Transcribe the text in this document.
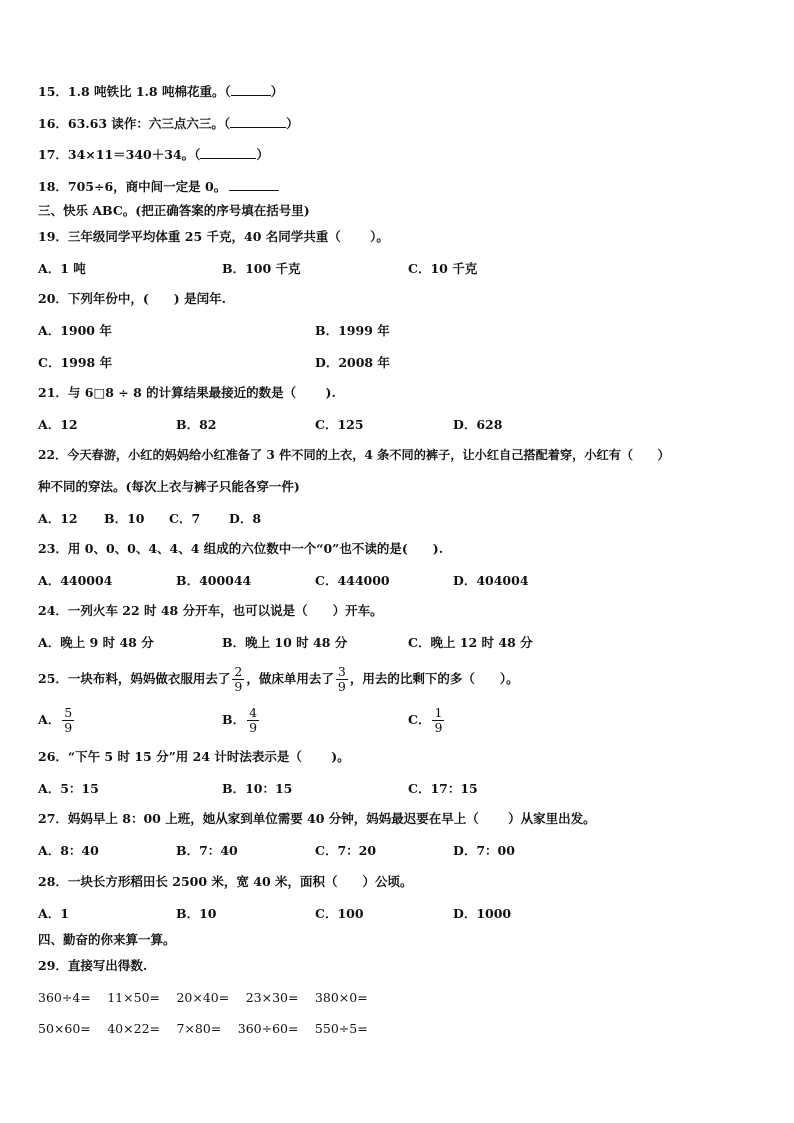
15．1.8 吨铁比 1.8 吨棉花重。（	）
16．63.63 读作：六三点六三。（	）
17．34×11＝340＋34。（	）
18．705÷6，商中间一定是 0。
三、快乐 ABC。(把正确答案的序号填在括号里)
19．三年级同学平均体重 25 千克，40 名同学共重（　　 ）。
A．1 吨	B．100 千克	C．10 千克
20．下列年份中，(　　) 是闰年.
A．1900 年	B．1999 年
C．1998 年	D．2008 年
21．与 6□8 ÷ 8 的计算结果最接近的数是（　　 ).
A．12	B．82	C．125	D．628
22．今天春游，小红的妈妈给小红准备了 3 件不同的上衣，4 条不同的裤子，让小红自己搭配着穿，小红有（　　）
种不同的穿法。(每次上衣与裤子只能各穿一件)
A．12 B．10 C．7 D．8
23．用 0、0、0、4、4、4 组成的六位数中一个“0”也不读的是(　　).
A．440004	B．400044	C．444000	D．404004
24．一列火车 22 时 48 分开车，也可以说是（　　）开车。
A．晚上 9 时 48 分	B．晚上 10 时 48 分	C．晚上 12 时 48 分
25．一块布料，妈妈做衣服用去了 $\frac{2}{9}$ ，做床单用去了 $\frac{3}{9}$ ，用去的比剩下的多（　　）。
A． $\frac{5}{9}$	B． $\frac{4}{9}$	C． $\frac{1}{9}$
26．“下午 5 时 15 分”用 24 计时法表示是（　　 )。
A．5：15	B．10：15	C．17：15
27．妈妈早上 8：00 上班，她从家到单位需要 40 分钟，妈妈最迟要在早上（　　 ）从家里出发。
A．8：40	B．7：40	C．7：20	D．7：00
28．一块长方形稻田长 2500 米，宽 40 米，面积（　　）公顷。
A．1	B．10	C．100	D．1000
四、勤奋的你来算一算。
29．直接写出得数.
360÷4=　 11×50=　 20×40=　 23×30=　 380×0=
50×60=　 40×22=　 7×80=　 360÷60=　 550÷5=
